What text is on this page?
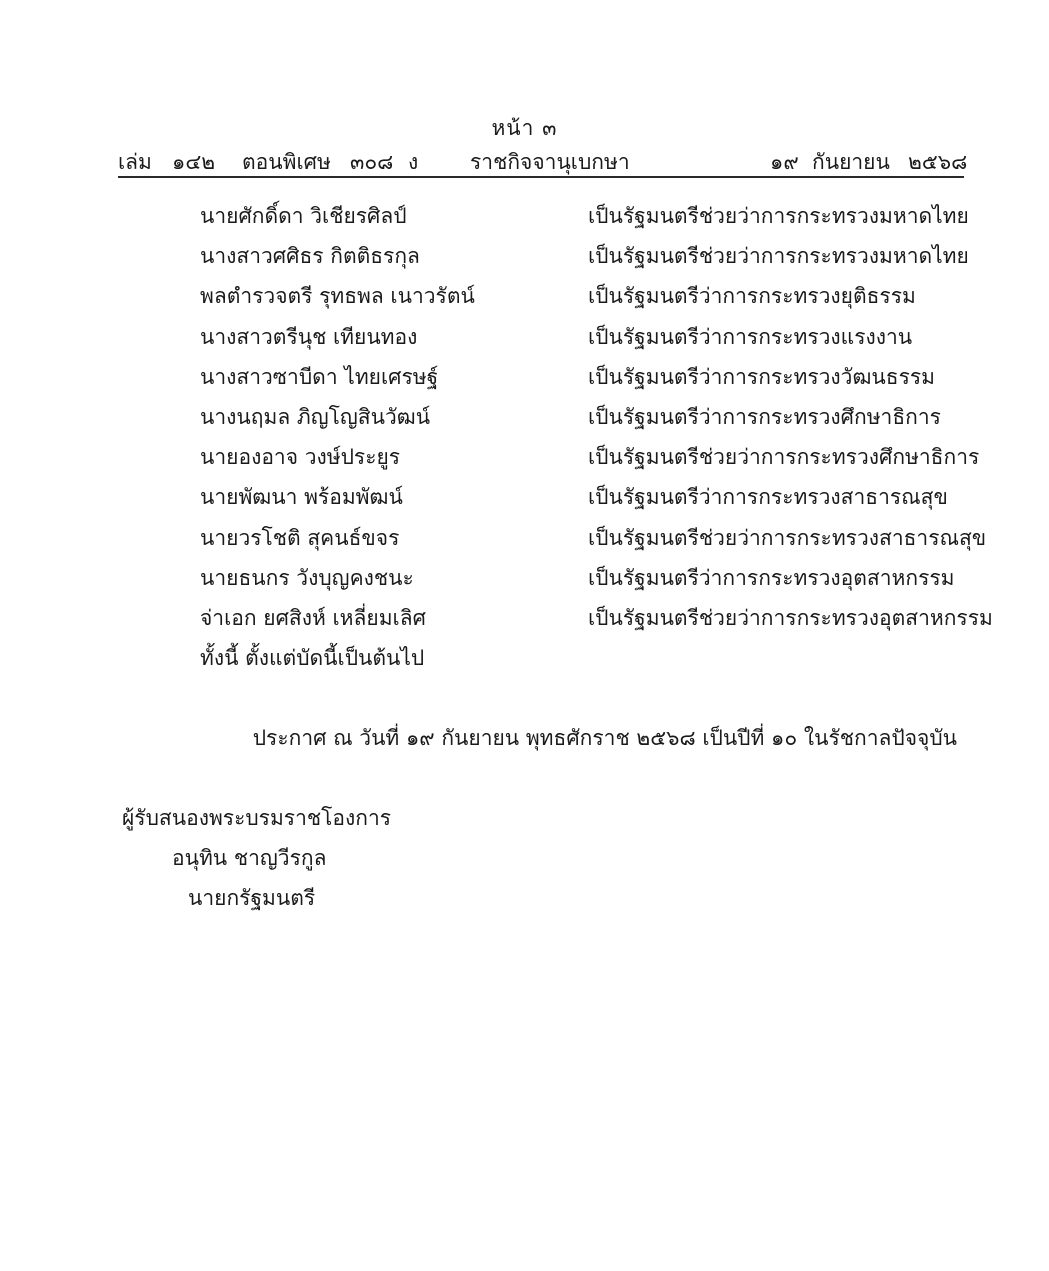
หน้า ๓
เล่ม ๑๔๒ ตอนพิเศษ ๓๐๘ ง ราชกิจจานุเบกษา	๑๙ กันยายน ๒๕๖๘
นายศักดิ์ดา วิเชียรศิลป์	เป็นรัฐมนตรีช่วยว่าการกระทรวงมหาดไทย
นางสาวศศิธร กิตติธรกุล	เป็นรัฐมนตรีช่วยว่าการกระทรวงมหาดไทย
พลตำรวจตรี รุทธพล เนาวรัตน์	เป็นรัฐมนตรีว่าการกระทรวงยุติธรรม
นางสาวตรีนุช เทียนทอง	เป็นรัฐมนตรีว่าการกระทรวงแรงงาน
นางสาวซาบีดา ไทยเศรษฐ์	เป็นรัฐมนตรีว่าการกระทรวงวัฒนธรรม
นางนฤมล ภิญโญสินวัฒน์	เป็นรัฐมนตรีว่าการกระทรวงศึกษาธิการ
นายองอาจ วงษ์ประยูร	เป็นรัฐมนตรีช่วยว่าการกระทรวงศึกษาธิการ
นายพัฒนา พร้อมพัฒน์	เป็นรัฐมนตรีว่าการกระทรวงสาธารณสุข
นายวรโชติ สุคนธ์ขจร	เป็นรัฐมนตรีช่วยว่าการกระทรวงสาธารณสุข
นายธนกร วังบุญคงชนะ	เป็นรัฐมนตรีว่าการกระทรวงอุตสาหกรรม
จ่าเอก ยศสิงห์ เหลี่ยมเลิศ	เป็นรัฐมนตรีช่วยว่าการกระทรวงอุตสาหกรรม
ทั้งนี้ ตั้งแต่บัดนี้เป็นต้นไป
ประกาศ ณ วันที่ ๑๙ กันยายน พุทธศักราช ๒๕๖๘ เป็นปีที่ ๑๐ ในรัชกาลปัจจุบัน
ผู้รับสนองพระบรมราชโองการ
อนุทิน ชาญวีรกูล
นายกรัฐมนตรี
